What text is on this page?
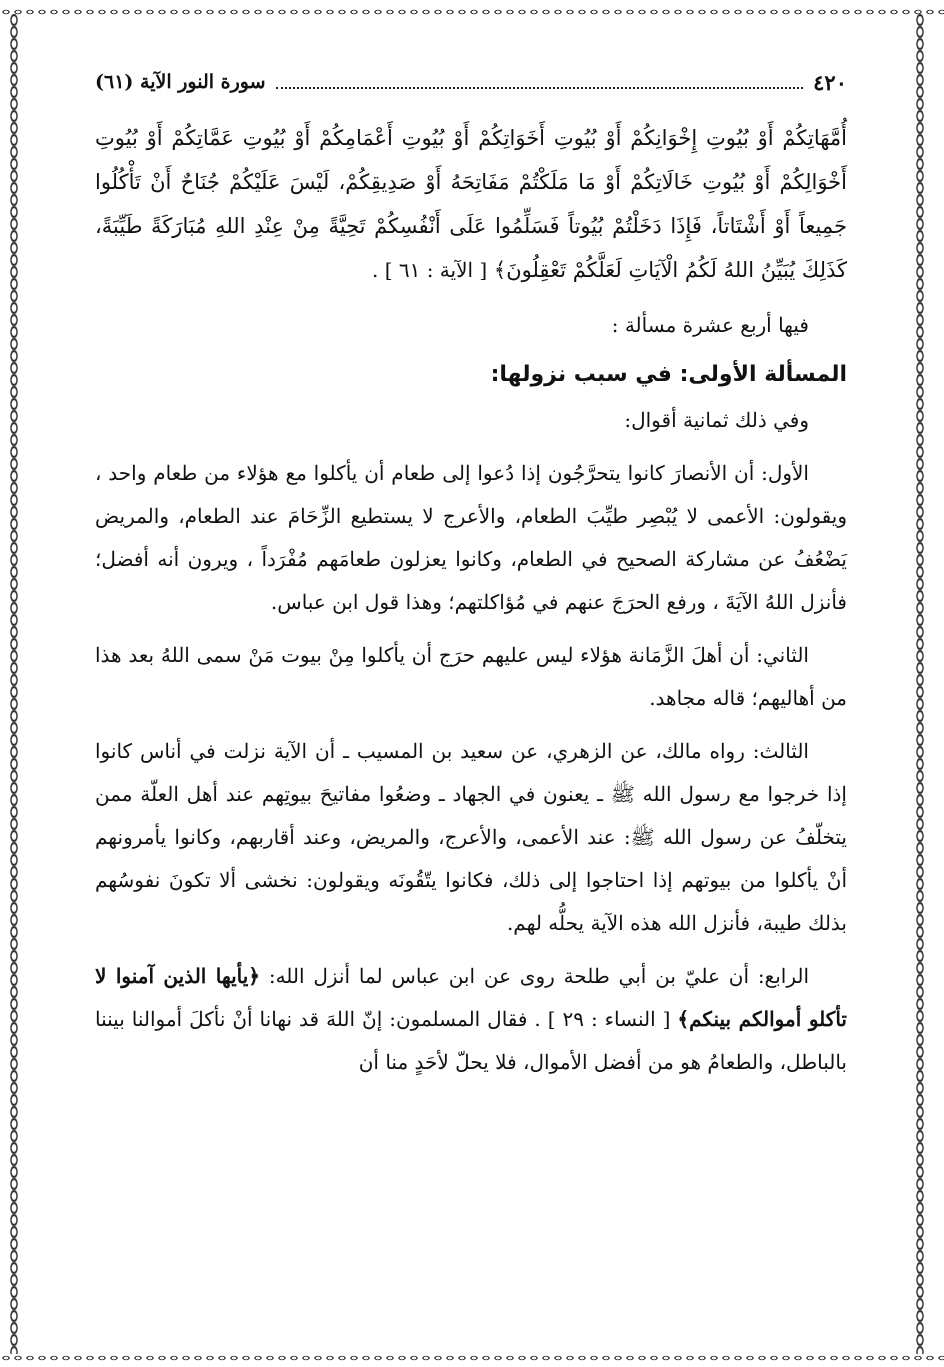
٤٢٠
سورة النور الآية (٦١)
أُمَّهَاتِكُمْ أَوْ بُيُوتِ إِخْوَانِكُمْ أَوْ بُيُوتِ أَخَوَاتِكُمْ أَوْ بُيُوتِ أَعْمَامِكُمْ أَوْ بُيُوتِ عَمَّاتِكُمْ أَوْ بُيُوتِ أَخْوَالِكُمْ أَوْ بُيُوتِ خَالَاتِكُمْ أَوْ مَا مَلَكْتُمْ مَفَاتِحَهُ أَوْ صَدِيقِكُمْ، لَيْسَ عَلَيْكُمْ جُنَاحٌ أَنْ تَأْكُلُوا جَمِيعاً أَوْ أَشْتَاتاً، فَإِذَا دَخَلْتُمْ بُيُوتاً فَسَلِّمُوا عَلَى أَنْفُسِكُمْ تَحِيَّةً مِنْ عِنْدِ اللهِ مُبَارَكَةً طَيِّبَةً، كَذَلِكَ يُبَيِّنُ اللهُ لَكُمُ الْآيَاتِ لَعَلَّكُمْ تَعْقِلُونَ﴾ [ الآية : ٦١ ] .

فيها أربع عشرة مسألة :

المسألة الأولى: في سبب نزولها:

وفي ذلك ثمانية أقوال:

الأول: أن الأنصارَ كانوا يتحرَّجُون إذا دُعوا إلى طعام أن يأكلوا مع هؤلاء من طعام واحد ، ويقولون: الأعمى لا يُبْصِر طيِّبَ الطعام، والأعرج لا يستطيع الزِّحَامَ عند الطعام، والمريض يَضْعُفُ عن مشاركة الصحيح في الطعام، وكانوا يعزلون طعامَهم مُفْرَداً ، ويرون أنه أفضل؛ فأنزل اللهُ الآيَةَ ، ورفع الحرَجَ عنهم في مُؤاكلتهم؛ وهذا قول ابن عباس.

الثاني: أن أهلَ الزَّمَانة هؤلاء ليس عليهم حرَج أن يأكلوا مِنْ بيوت مَنْ سمى اللهُ بعد هذا من أهاليهم؛ قاله مجاهد.

الثالث: رواه مالك، عن الزهري، عن سعيد بن المسيب ـ أن الآية نزلت في أناس كانوا إذا خرجوا مع رسول الله ﷺ ـ يعنون في الجهاد ـ وضعُوا مفاتيحَ بيوتِهم عند أهل العلّة ممن يتخلّفُ عن رسول الله ﷺ: عند الأعمى، والأعرج، والمريض، وعند أقاربهم، وكانوا يأمرونهم أنْ يأكلوا من بيوتهم إذا احتاجوا إلى ذلك، فكانوا يتّقُونَه ويقولون: نخشى ألا تكونَ نفوسُهم بذلك طيبة، فأنزل الله هذه الآية يحلُّه لهم.

الرابع: أن عليّ بن أبي طلحة روى عن ابن عباس لما أنزل الله: ﴿يأيها الذين آمنوا لا تأكلو أموالكم بينكم﴾ [ النساء : ٢٩ ] . فقال المسلمون: إنّ اللهَ قد نهانا أنْ نأكلَ أموالنا بيننا بالباطل، والطعامُ هو من أفضل الأموال، فلا يحلّ لأحَدٍ منا أن
